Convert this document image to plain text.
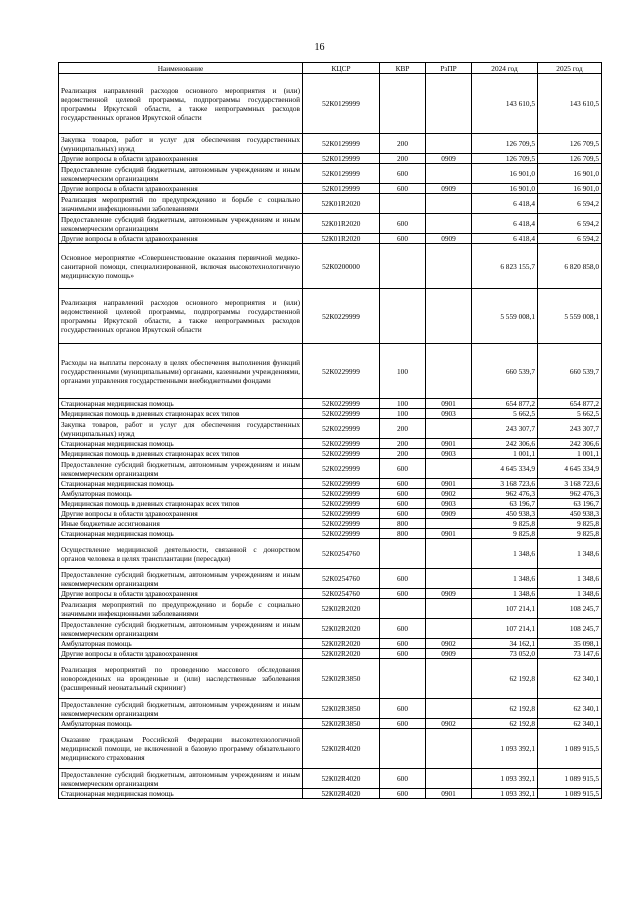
16
Наименование	КЦСР	КВР	РзПР	2024 год	2025 год
Реализация направлений расходов основного мероприятия и (или) ведомственной целевой программы, подпрограммы государственной программы Иркутской области, а также непрограммных расходов государственных органов Иркутской области	52К0129999			143 610,5	143 610,5
Закупка товаров, работ и услуг для обеспечения государственных (муниципальных) нужд	52К0129999	200		126 709,5	126 709,5
Другие вопросы в области здравоохранения	52К0129999	200	0909	126 709,5	126 709,5
Предоставление субсидий бюджетным, автономным учреждениям и иным некоммерческим организациям	52К0129999	600		16 901,0	16 901,0
Другие вопросы в области здравоохранения	52К0129999	600	0909	16 901,0	16 901,0
Реализация мероприятий по предупреждению и борьбе с социально значимыми инфекционными заболеваниями	52К01R2020			6 418,4	6 594,2
Предоставление субсидий бюджетным, автономным учреждениям и иным некоммерческим организациям	52К01R2020	600		6 418,4	6 594,2
Другие вопросы в области здравоохранения	52К01R2020	600	0909	6 418,4	6 594,2
Основное мероприятие «Совершенствование оказания первичной медико-санитарной помощи, специализированной, включая высокотехнологичную медицинскую помощь»	52К0200000			6 823 155,7	6 820 858,0
Реализация направлений расходов основного мероприятия и (или) ведомственной целевой программы, подпрограммы государственной программы Иркутской области, а также непрограммных расходов государственных органов Иркутской области	52К0229999			5 559 008,1	5 559 008,1
Расходы на выплаты персоналу в целях обеспечения выполнения функций государственными (муниципальными) органами, казенными учреждениями, органами управления государственными внебюджетными фондами	52К0229999	100		660 539,7	660 539,7
Стационарная медицинская помощь	52К0229999	100	0901	654 877,2	654 877,2
Медицинская помощь в дневных стационарах всех типов	52К0229999	100	0903	5 662,5	5 662,5
Закупка товаров, работ и услуг для обеспечения государственных (муниципальных) нужд	52К0229999	200		243 307,7	243 307,7
Стационарная медицинская помощь	52К0229999	200	0901	242 306,6	242 306,6
Медицинская помощь в дневных стационарах всех типов	52К0229999	200	0903	1 001,1	1 001,1
Предоставление субсидий бюджетным, автономным учреждениям и иным некоммерческим организациям	52К0229999	600		4 645 334,9	4 645 334,9
Стационарная медицинская помощь	52К0229999	600	0901	3 168 723,6	3 168 723,6
Амбулаторная помощь	52К0229999	600	0902	962 476,3	962 476,3
Медицинская помощь в дневных стационарах всех типов	52К0229999	600	0903	63 196,7	63 196,7
Другие вопросы в области здравоохранения	52К0229999	600	0909	450 938,3	450 938,3
Иные бюджетные ассигнования	52К0229999	800		9 825,8	9 825,8
Стационарная медицинская помощь	52К0229999	800	0901	9 825,8	9 825,8
Осуществление медицинской деятельности, связанной с донорством органов человека в целях трансплантации (пересадки)	52К0254760			1 348,6	1 348,6
Предоставление субсидий бюджетным, автономным учреждениям и иным некоммерческим организациям	52К0254760	600		1 348,6	1 348,6
Другие вопросы в области здравоохранения	52К0254760	600	0909	1 348,6	1 348,6
Реализация мероприятий по предупреждению и борьбе с социально значимыми инфекционными заболеваниями	52К02R2020			107 214,1	108 245,7
Предоставление субсидий бюджетным, автономным учреждениям и иным некоммерческим организациям	52К02R2020	600		107 214,1	108 245,7
Амбулаторная помощь	52К02R2020	600	0902	34 162,1	35 098,1
Другие вопросы в области здравоохранения	52К02R2020	600	0909	73 052,0	73 147,6
Реализация мероприятий по проведению массового обследования новорожденных на врожденные и (или) наследственные заболевания (расширенный неонатальный скрининг)	52К02R3850			62 192,8	62 340,1
Предоставление субсидий бюджетным, автономным учреждениям и иным некоммерческим организациям	52К02R3850	600		62 192,8	62 340,1
Амбулаторная помощь	52К02R3850	600	0902	62 192,8	62 340,1
Оказание гражданам Российской Федерации высокотехнологичной медицинской помощи, не включенной в базовую программу обязательного медицинского страхования	52К02R4020			1 093 392,1	1 089 915,5
Предоставление субсидий бюджетным, автономным учреждениям и иным некоммерческим организациям	52К02R4020	600		1 093 392,1	1 089 915,5
Стационарная медицинская помощь	52К02R4020	600	0901	1 093 392,1	1 089 915,5
